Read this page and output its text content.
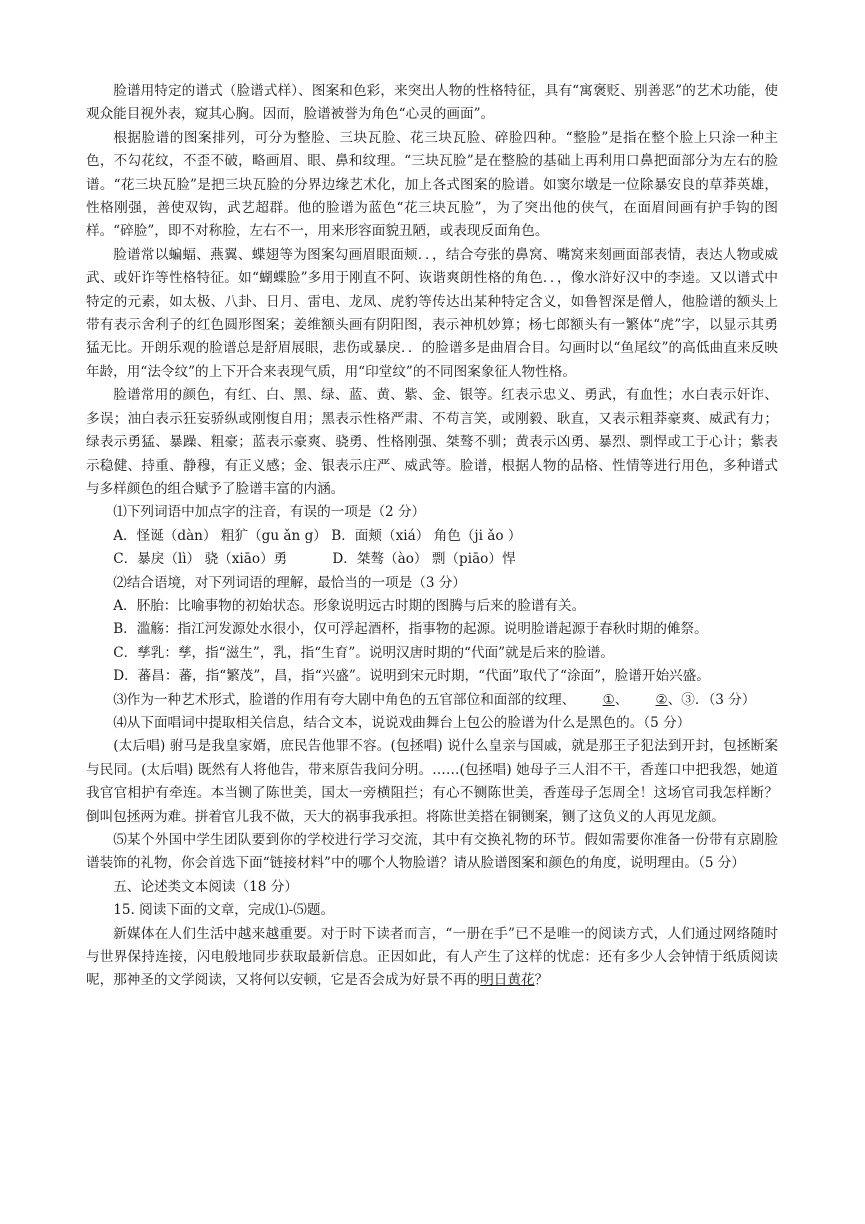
脸谱用特定的谱式（脸谱式样）、图案和色彩，来突出人物的性格特征，具有“寓褒贬、别善恶”的艺术功能，使观众能目视外表，窥其心胸。因而，脸谱被誉为角色“心灵的画面”。

根据脸谱的图案排列，可分为整脸、三块瓦脸、花三块瓦脸、碎脸四种。“整脸”是指在整个脸上只涂一种主色，不勾花纹，不歪不破，略画眉、眼、鼻和纹理。“三块瓦脸”是在整脸的基础上再利用口鼻把面部分为左右的脸谱。“花三块瓦脸”是把三块瓦脸的分界边缘艺术化，加上各式图案的脸谱。如窦尔墩是一位除暴安良的草莽英雄，性格刚强，善使双钩，武艺超群。他的脸谱为蓝色“花三块瓦脸”，为了突出他的侠气，在面眉间画有护手钩的图样。“碎脸”，即不对称脸，左右不一，用来形容面貌丑陋，或表现反面角色。

脸谱常以蝙蝠、燕翼、蝶翅等为图案勾画眉眼面颊．．，结合夸张的鼻窝、嘴窝来刻画面部表情，表达人物或威武、或奸诈等性格特征。如“蝴蝶脸”多用于刚直不阿、诙谐爽朗性格的角色．．，像水浒好汉中的李逵。又以谱式中特定的元素，如太极、八卦、日月、雷电、龙凤、虎豹等传达出某种特定含义，如鲁智深是僧人，他脸谱的额头上带有表示舍利子的红色圆形图案；姜维额头画有阴阳图，表示神机妙算；杨七郎额头有一繁体“虎”字，以显示其勇猛无比。开朗乐观的脸谱总是舒眉展眼，悲伤或暴戾．．的脸谱多是曲眉合目。勾画时以“鱼尾纹”的高低曲直来反映年龄，用“法令纹”的上下开合来表现气质，用“印堂纹”的不同图案象征人物性格。

脸谱常用的颜色，有红、白、黑、绿、蓝、黄、紫、金、银等。红表示忠义、勇武，有血性；水白表示奸诈、多误；油白表示狂妄骄纵或刚愎自用；黑表示性格严肃、不苟言笑，或刚毅、耿直，又表示粗莽豪爽、威武有力；绿表示勇猛、暴躁、粗豪；蓝表示豪爽、骁勇、性格刚强、桀骜不驯；黄表示凶勇、暴烈、剽悍或工于心计；紫表示稳健、持重、静穆，有正义感；金、银表示庄严、威武等。脸谱，根据人物的品格、性情等进行用色，多种谱式与多样颜色的组合赋予了脸谱丰富的内涵。

⑴下列词语中加点字的注音，有误的一项是（2 分）

A．怪诞（dàn） 粗犷（gu ǎn g） B．面颊（xiá） 角色（ji ǎo ）

C．暴戾（lì） 骁（xiāo）勇　　　 D．桀骜（ào） 剽（piāo）悍

⑵结合语境，对下列词语的理解，最恰当的一项是（3 分）

A．肧胎：比喻事物的初始状态。形象说明远古时期的图腾与后来的脸谱有关。

B．滥觞：指江河发源处水很小，仅可浮起酒杯，指事物的起源。说明脸谱起源于春秋时期的傩祭。

C．孳乳：孳，指“滋生”，乳，指“生育”。说明汉唐时期的“代面”就是后来的脸谱。

D．蕃昌：蕃，指“繁茂”，昌，指“兴盛”。说明到宋元时期，“代面”取代了“涂面”，脸谱开始兴盛。

⑶作为一种艺术形式，脸谱的作用有夸大剧中角色的五官部位和面部的纹理、 ①、 ②、③．（3 分）

⑷从下面唱词中提取相关信息，结合文本，说说戏曲舞台上包公的脸谱为什么是黑色的。（5 分）

(太后唱) 驸马是我皇家婿，庶民告他罪不容。(包拯唱) 说什么皇亲与国戚，就是那王子犯法到开封，包拯断案与民同。(太后唱) 既然有人将他告，带来原告我问分明。……(包拯唱) 她母子三人泪不干，香莲口中把我怨，她道我官官相护有牵连。本当铡了陈世美，国太一旁横阻拦；有心不铡陈世美，香莲母子怎周全！这场官司我怎样断？倒叫包拯两为难。拼着官儿我不做，天大的祸事我承担。将陈世美搭在铜铡案，铡了这负义的人再见龙颜。

⑸某个外国中学生团队要到你的学校进行学习交流，其中有交换礼物的环节。假如需要你准备一份带有京剧脸谱装饰的礼物，你会首选下面“链接材料”中的哪个人物脸谱？请从脸谱图案和颜色的角度，说明理由。（5 分）

五、论述类文本阅读（18 分）

15. 阅读下面的文章，完成⑴-⑸题。

新媒体在人们生活中越来越重要。对于时下读者而言，“一册在手”已不是唯一的阅读方式，人们通过网络随时与世界保持连接，闪电般地同步获取最新信息。正因如此，有人产生了这样的忧虑：还有多少人会钟情于纸质阅读呢，那神圣的文学阅读，又将何以安顿，它是否会成为好景不再的明日黄花？
